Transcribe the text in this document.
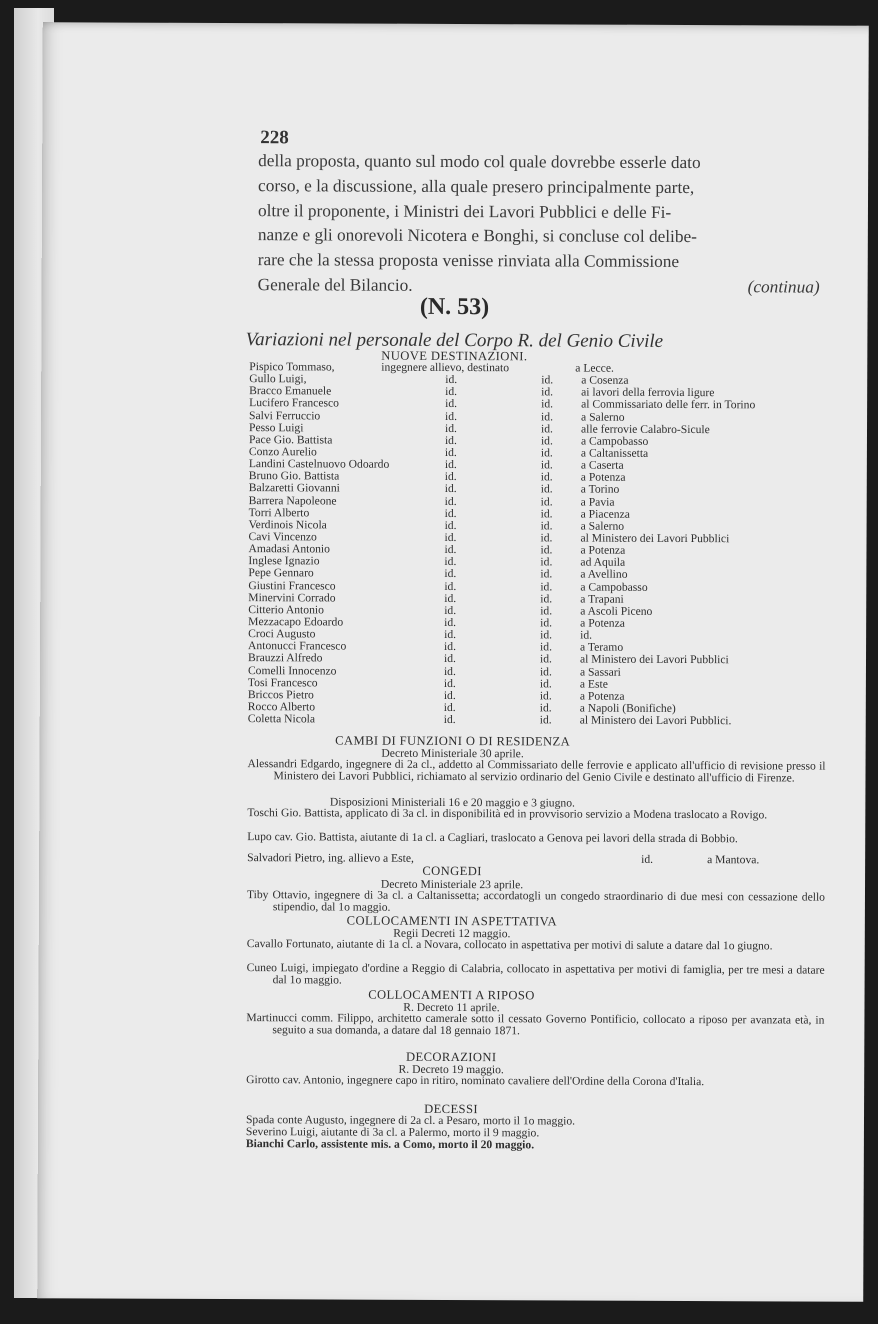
228
della proposta, quanto sul modo col quale dovrebbe esserle dato
corso, e la discussione, alla quale presero principalmente parte,
oltre il proponente, i Ministri dei Lavori Pubblici e delle Fi-
nanze e gli onorevoli Nicotera e Bonghi, si concluse col delibe-
rare che la stessa proposta venisse rinviata alla Commissione
Generale del Bilancio.	(continua)
(N. 53)
Variazioni nel personale del Corpo R. del Genio Civile
NUOVE DESTINAZIONI.
Pispico Tommaso,	ingegnere allievo, destinato	a Lecce.
Gullo Luigi,	id.	id. a Cosenza
Bracco Emanuele	id.	id. ai lavori della ferrovia ligure
Lucifero Francesco	id.	id. al Commissariato delle ferr. in Torino
Salvi Ferruccio	id.	id. a Salerno
Pesso Luigi	id.	id. alle ferrovie Calabro-Sicule
Pace Gio. Battista	id.	id. a Campobasso
Conzo Aurelio	id.	id. a Caltanissetta
Landini Castelnuovo Odoardo	id.	id. a Caserta
Bruno Gio. Battista	id.	id. a Potenza
Balzaretti Giovanni	id.	id. a Torino
Barrera Napoleone	id.	id. a Pavia
Torri Alberto	id.	id. a Piacenza
Verdinois Nicola	id.	id. a Salerno
Cavi Vincenzo	id.	id. al Ministero dei Lavori Pubblici
Amadasi Antonio	id.	id. a Potenza
Inglese Ignazio	id.	id. ad Aquila
Pepe Gennaro	id.	id. a Avellino
Giustini Francesco	id.	id. a Campobasso
Minervini Corrado	id.	id. a Trapani
Citterio Antonio	id.	id. a Ascoli Piceno
Mezzacapo Edoardo	id.	id. a Potenza
Croci Augusto	id.	id. id.
Antonucci Francesco	id.	id. a Teramo
Brauzzi Alfredo	id.	id. al Ministero dei Lavori Pubblici
Comelli Innocenzo	id.	id. a Sassari
Tosi Francesco	id.	id. a Este
Briccos Pietro	id.	id. a Potenza
Rocco Alberto	id.	id. a Napoli (Bonifiche)
Coletta Nicola	id.	id. al Ministero dei Lavori Pubblici.
CAMBI DI FUNZIONI O DI RESIDENZA
Decreto Ministeriale 30 aprile.
Alessandri Edgardo, ingegnere di 2a cl., addetto al Commissariato delle ferrovie e applicato all'ufficio di revisione presso il Ministero dei Lavori Pubblici, richiamato al servizio ordinario del Genio Civile e destinato all'ufficio di Firenze.
Disposizioni Ministeriali 16 e 20 maggio e 3 giugno.
Toschi Gio. Battista, applicato di 3a cl. in disponibilità ed in provvisorio servizio a Modena traslocato a Rovigo.
Lupo cav. Gio. Battista, aiutante di 1a cl. a Cagliari, traslocato a Genova pei lavori della strada di Bobbio.
Salvadori Pietro, ing. allievo a Este,	id.	a Mantova.
CONGEDI
Decreto Ministeriale 23 aprile.
Tiby Ottavio, ingegnere di 3a cl. a Caltanissetta; accordatogli un congedo straordinario di due mesi con cessazione dello stipendio, dal 1o maggio.
COLLOCAMENTI IN ASPETTATIVA
Regii Decreti 12 maggio.
Cavallo Fortunato, aiutante di 1a cl. a Novara, collocato in aspettativa per motivi di salute a datare dal 1o giugno.
Cuneo Luigi, impiegato d'ordine a Reggio di Calabria, collocato in aspettativa per motivi di famiglia, per tre mesi a datare dal 1o maggio.
COLLOCAMENTI A RIPOSO
R. Decreto 11 aprile.
Martinucci comm. Filippo, architetto camerale sotto il cessato Governo Pontificio, collocato a riposo per avanzata età, in seguito a sua domanda, a datare dal 18 gennaio 1871.
DECORAZIONI
R. Decreto 19 maggio.
Girotto cav. Antonio, ingegnere capo in ritiro, nominato cavaliere dell'Ordine della Corona d'Italia.
DECESSI
Spada conte Augusto, ingegnere di 2a cl. a Pesaro, morto il 1o maggio.
Severino Luigi, aiutante di 3a cl. a Palermo, morto il 9 maggio.
Bianchi Carlo, assistente mis. a Como, morto il 20 maggio.
